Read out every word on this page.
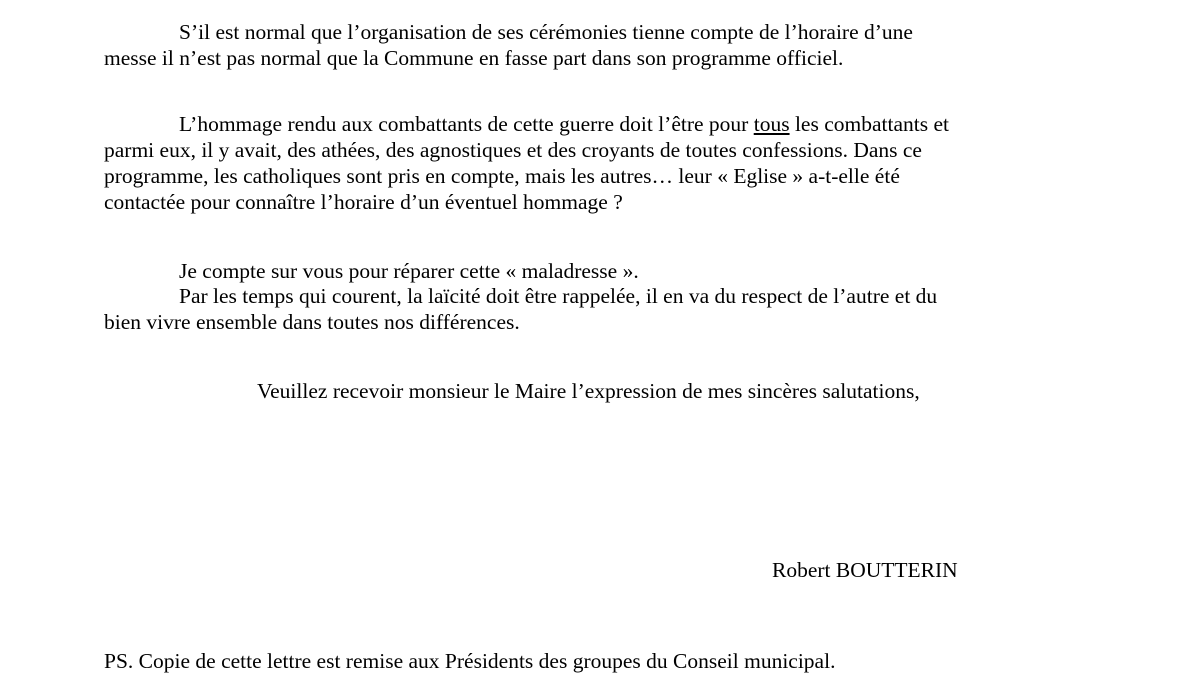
S’il est normal que l’organisation de ses cérémonies tienne compte de l’horaire d’une
messe il n’est pas normal que la Commune en fasse part dans son programme officiel.

L’hommage rendu aux combattants de cette guerre doit l’être pour tous les combattants et
parmi eux, il y avait, des athées, des agnostiques et des croyants de toutes confessions. Dans ce
programme, les catholiques sont pris en compte, mais les autres… leur « Eglise » a-t-elle été
contactée pour connaître l’horaire d’un éventuel hommage ?

Je compte sur vous pour réparer cette « maladresse ».

Par les temps qui courent, la laïcité doit être rappelée, il en va du respect de l’autre et du
bien vivre ensemble dans toutes nos différences.

Veuillez recevoir monsieur le Maire l’expression de mes sincères salutations,

Robert BOUTTERIN

PS. Copie de cette lettre est remise aux Présidents des groupes du Conseil municipal.
